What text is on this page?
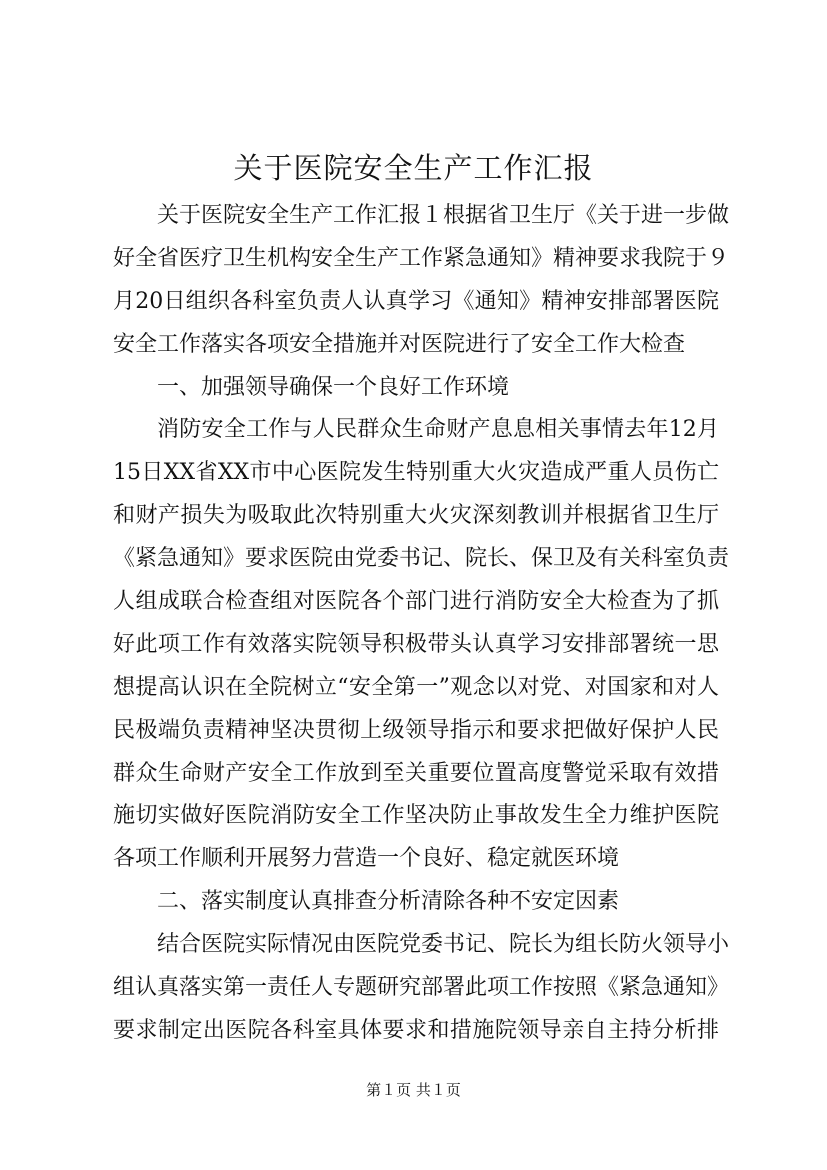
关于医院安全生产工作汇报
关于医院安全生产工作汇报１根据省卫生厅《关于进一步做
好全省医疗卫生机构安全生产工作紧急通知》精神要求我院于９
月20日组织各科室负责人认真学习《通知》精神安排部署医院
安全工作落实各项安全措施并对医院进行了安全工作大检查
一、加强领导确保一个良好工作环境
消防安全工作与人民群众生命财产息息相关事情去年12月
15日XX省XX市中心医院发生特别重大火灾造成严重人员伤亡
和财产损失为吸取此次特别重大火灾深刻教训并根据省卫生厅
《紧急通知》要求医院由党委书记、院长、保卫及有关科室负责
人组成联合检查组对医院各个部门进行消防安全大检查为了抓
好此项工作有效落实院领导积极带头认真学习安排部署统一思
想提高认识在全院树立“安全第一”观念以对党、对国家和对人
民极端负责精神坚决贯彻上级领导指示和要求把做好保护人民
群众生命财产安全工作放到至关重要位置高度警觉采取有效措
施切实做好医院消防安全工作坚决防止事故发生全力维护医院
各项工作顺利开展努力营造一个良好、稳定就医环境
二、落实制度认真排查分析清除各种不安定因素
结合医院实际情况由医院党委书记、院长为组长防火领导小
组认真落实第一责任人专题研究部署此项工作按照《紧急通知》
要求制定出医院各科室具体要求和措施院领导亲自主持分析排
第１页 共１页
